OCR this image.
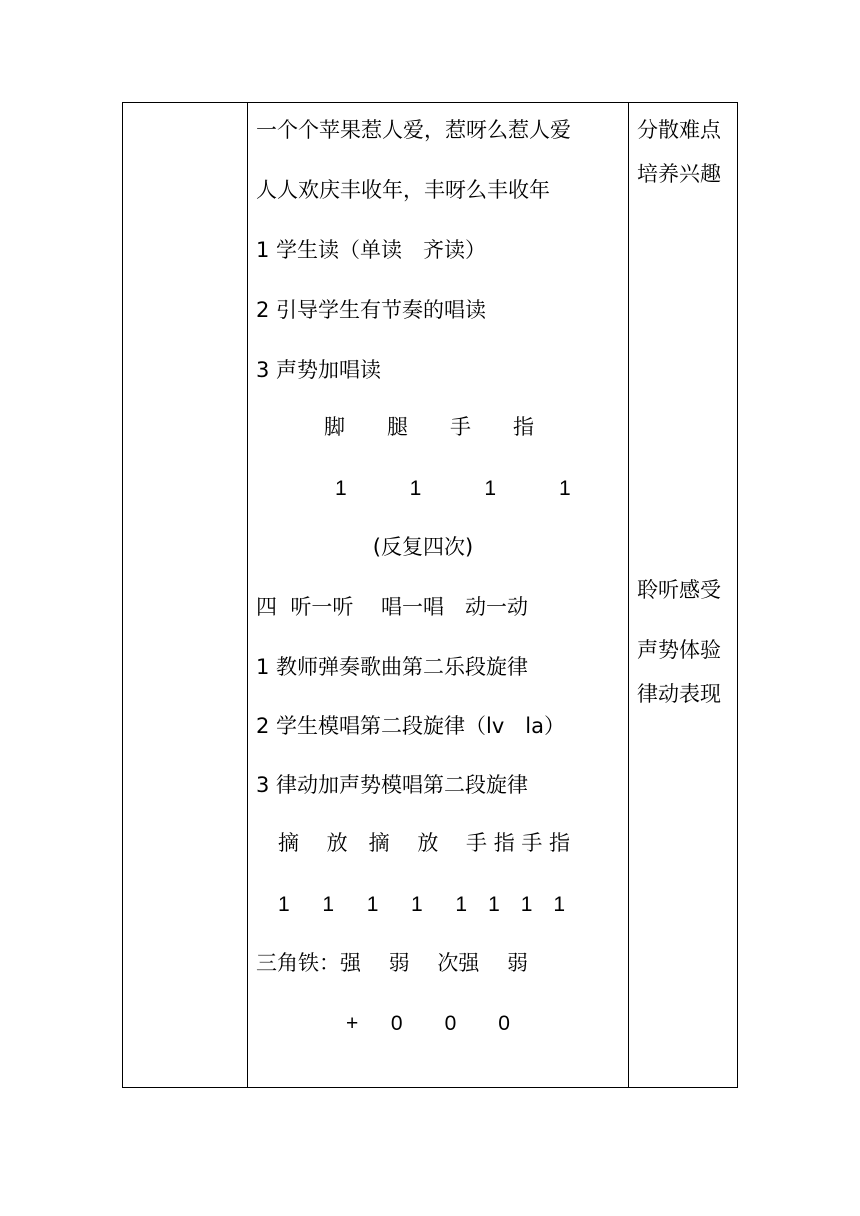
一个个苹果惹人爱，惹呀么惹人爱
人人欢庆丰收年，丰呀么丰收年
1 学生读（单读　齐读）
2 引导学生有节奏的唱读
3 声势加唱读
脚　　腿　　手　　指
1　　　1　　　1　　　1
(反复四次)
四  听一听　 唱一唱　动一动
1 教师弹奏歌曲第二乐段旋律
2 学生模唱第二段旋律（lv　la）
3 律动加声势模唱第二段旋律
摘　 放　摘　 放 　手 指 手 指
1　  1　  1　  1　  1　1　1　1
三角铁：强　 弱　 次强　 弱
+　  0　　0　　0
分散难点
培养兴趣
聆听感受
声势体验
律动表现
